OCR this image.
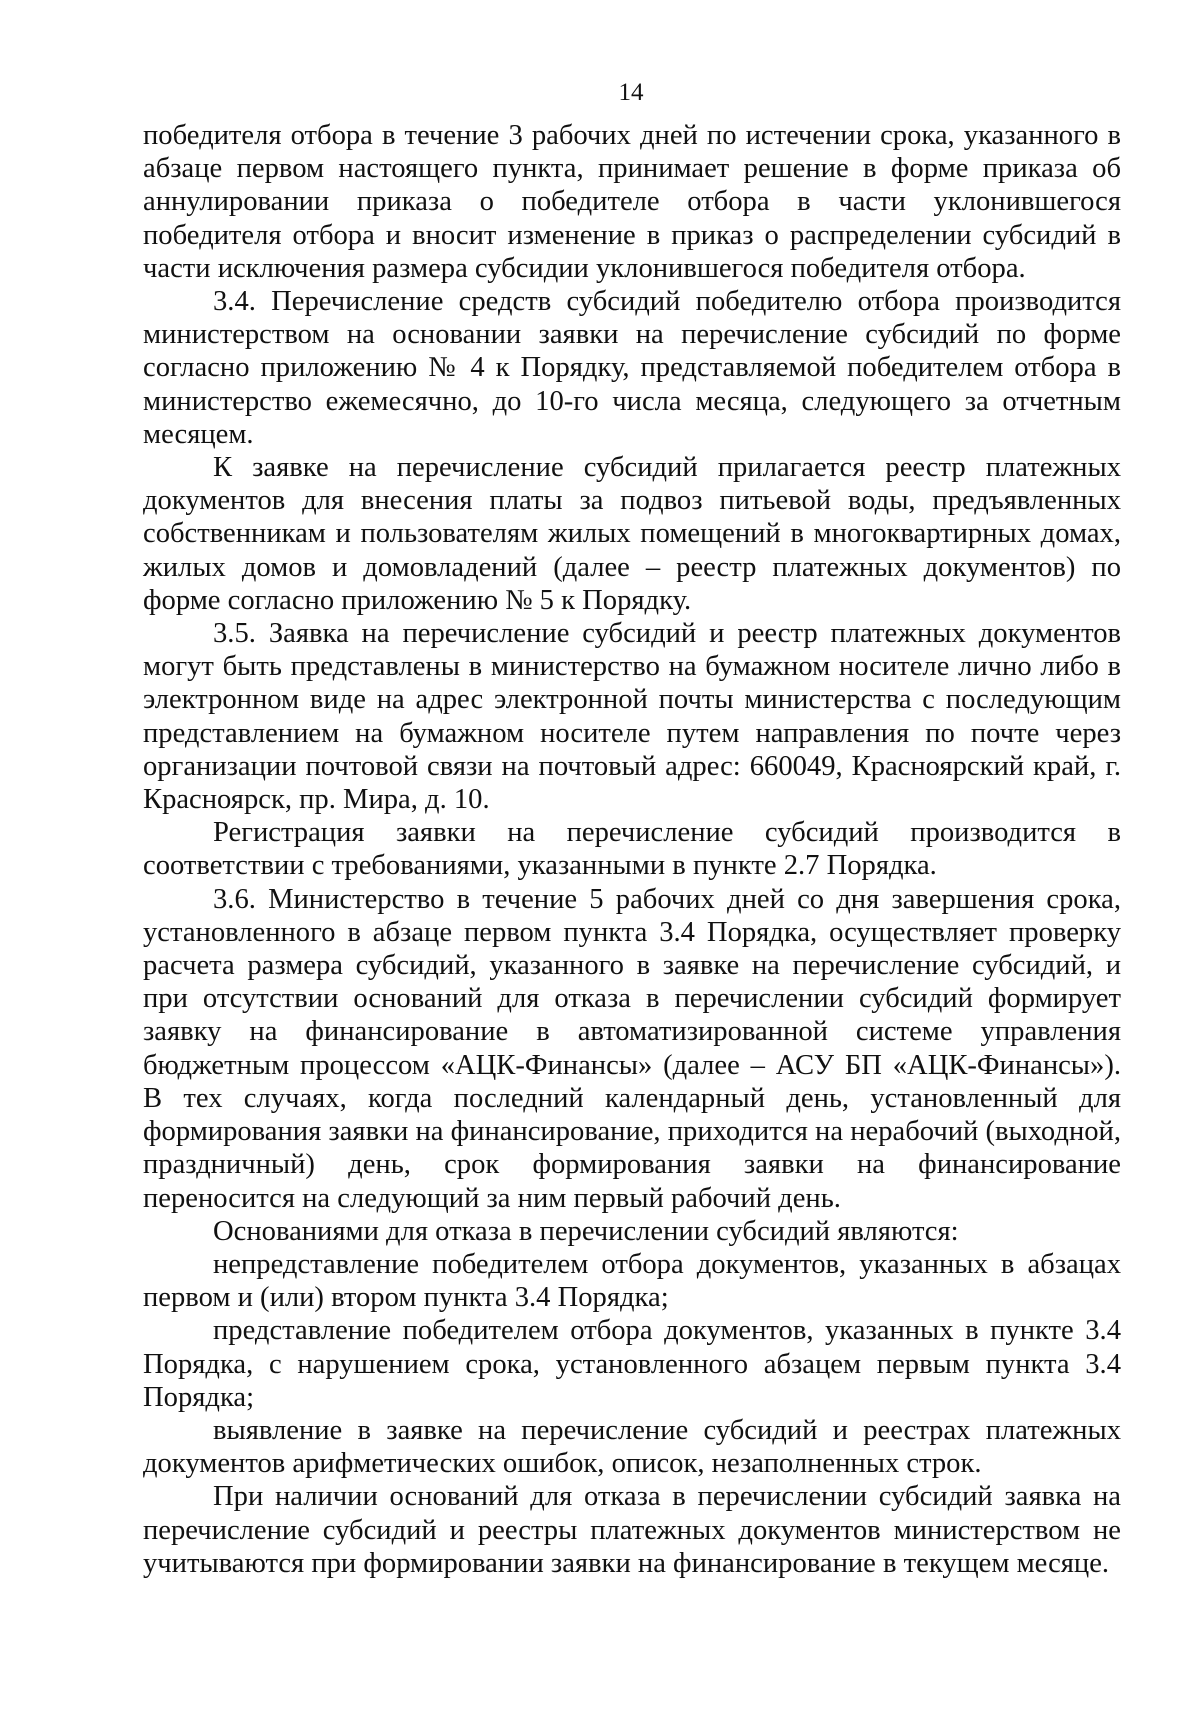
14

победителя отбора в течение 3 рабочих дней по истечении срока, указанного в абзаце первом настоящего пункта, принимает решение в форме приказа об аннулировании приказа о победителе отбора в части уклонившегося победителя отбора и вносит изменение в приказ о распределении субсидий в части исключения размера субсидии уклонившегося победителя отбора.

3.4. Перечисление средств субсидий победителю отбора производится министерством на основании заявки на перечисление субсидий по форме согласно приложению № 4 к Порядку, представляемой победителем отбора в министерство ежемесячно, до 10-го числа месяца, следующего за отчетным месяцем.

К заявке на перечисление субсидий прилагается реестр платежных документов для внесения платы за подвоз питьевой воды, предъявленных собственникам и пользователям жилых помещений в многоквартирных домах, жилых домов и домовладений (далее – реестр платежных документов) по форме согласно приложению № 5 к Порядку.

3.5. Заявка на перечисление субсидий и реестр платежных документов могут быть представлены в министерство на бумажном носителе лично либо в электронном виде на адрес электронной почты министерства с последующим представлением на бумажном носителе путем направления по почте через организации почтовой связи на почтовый адрес: 660049, Красноярский край, г. Красноярск, пр. Мира, д. 10.

Регистрация заявки на перечисление субсидий производится в соответствии с требованиями, указанными в пункте 2.7 Порядка.

3.6. Министерство в течение 5 рабочих дней со дня завершения срока, установленного в абзаце первом пункта 3.4 Порядка, осуществляет проверку расчета размера субсидий, указанного в заявке на перечисление субсидий, и при отсутствии оснований для отказа в перечислении субсидий формирует заявку на финансирование в автоматизированной системе управления бюджетным процессом «АЦК-Финансы» (далее – АСУ БП «АЦК-Финансы»). В тех случаях, когда последний календарный день, установленный для формирования заявки на финансирование, приходится на нерабочий (выходной, праздничный) день, срок формирования заявки на финансирование переносится на следующий за ним первый рабочий день.

Основаниями для отказа в перечислении субсидий являются:

непредставление победителем отбора документов, указанных в абзацах первом и (или) втором пункта 3.4 Порядка;

представление победителем отбора документов, указанных в пункте 3.4 Порядка, с нарушением срока, установленного абзацем первым пункта 3.4 Порядка;

выявление в заявке на перечисление субсидий и реестрах платежных документов арифметических ошибок, описок, незаполненных строк.

При наличии оснований для отказа в перечислении субсидий заявка на перечисление субсидий и реестры платежных документов министерством не учитываются при формировании заявки на финансирование в текущем месяце.
